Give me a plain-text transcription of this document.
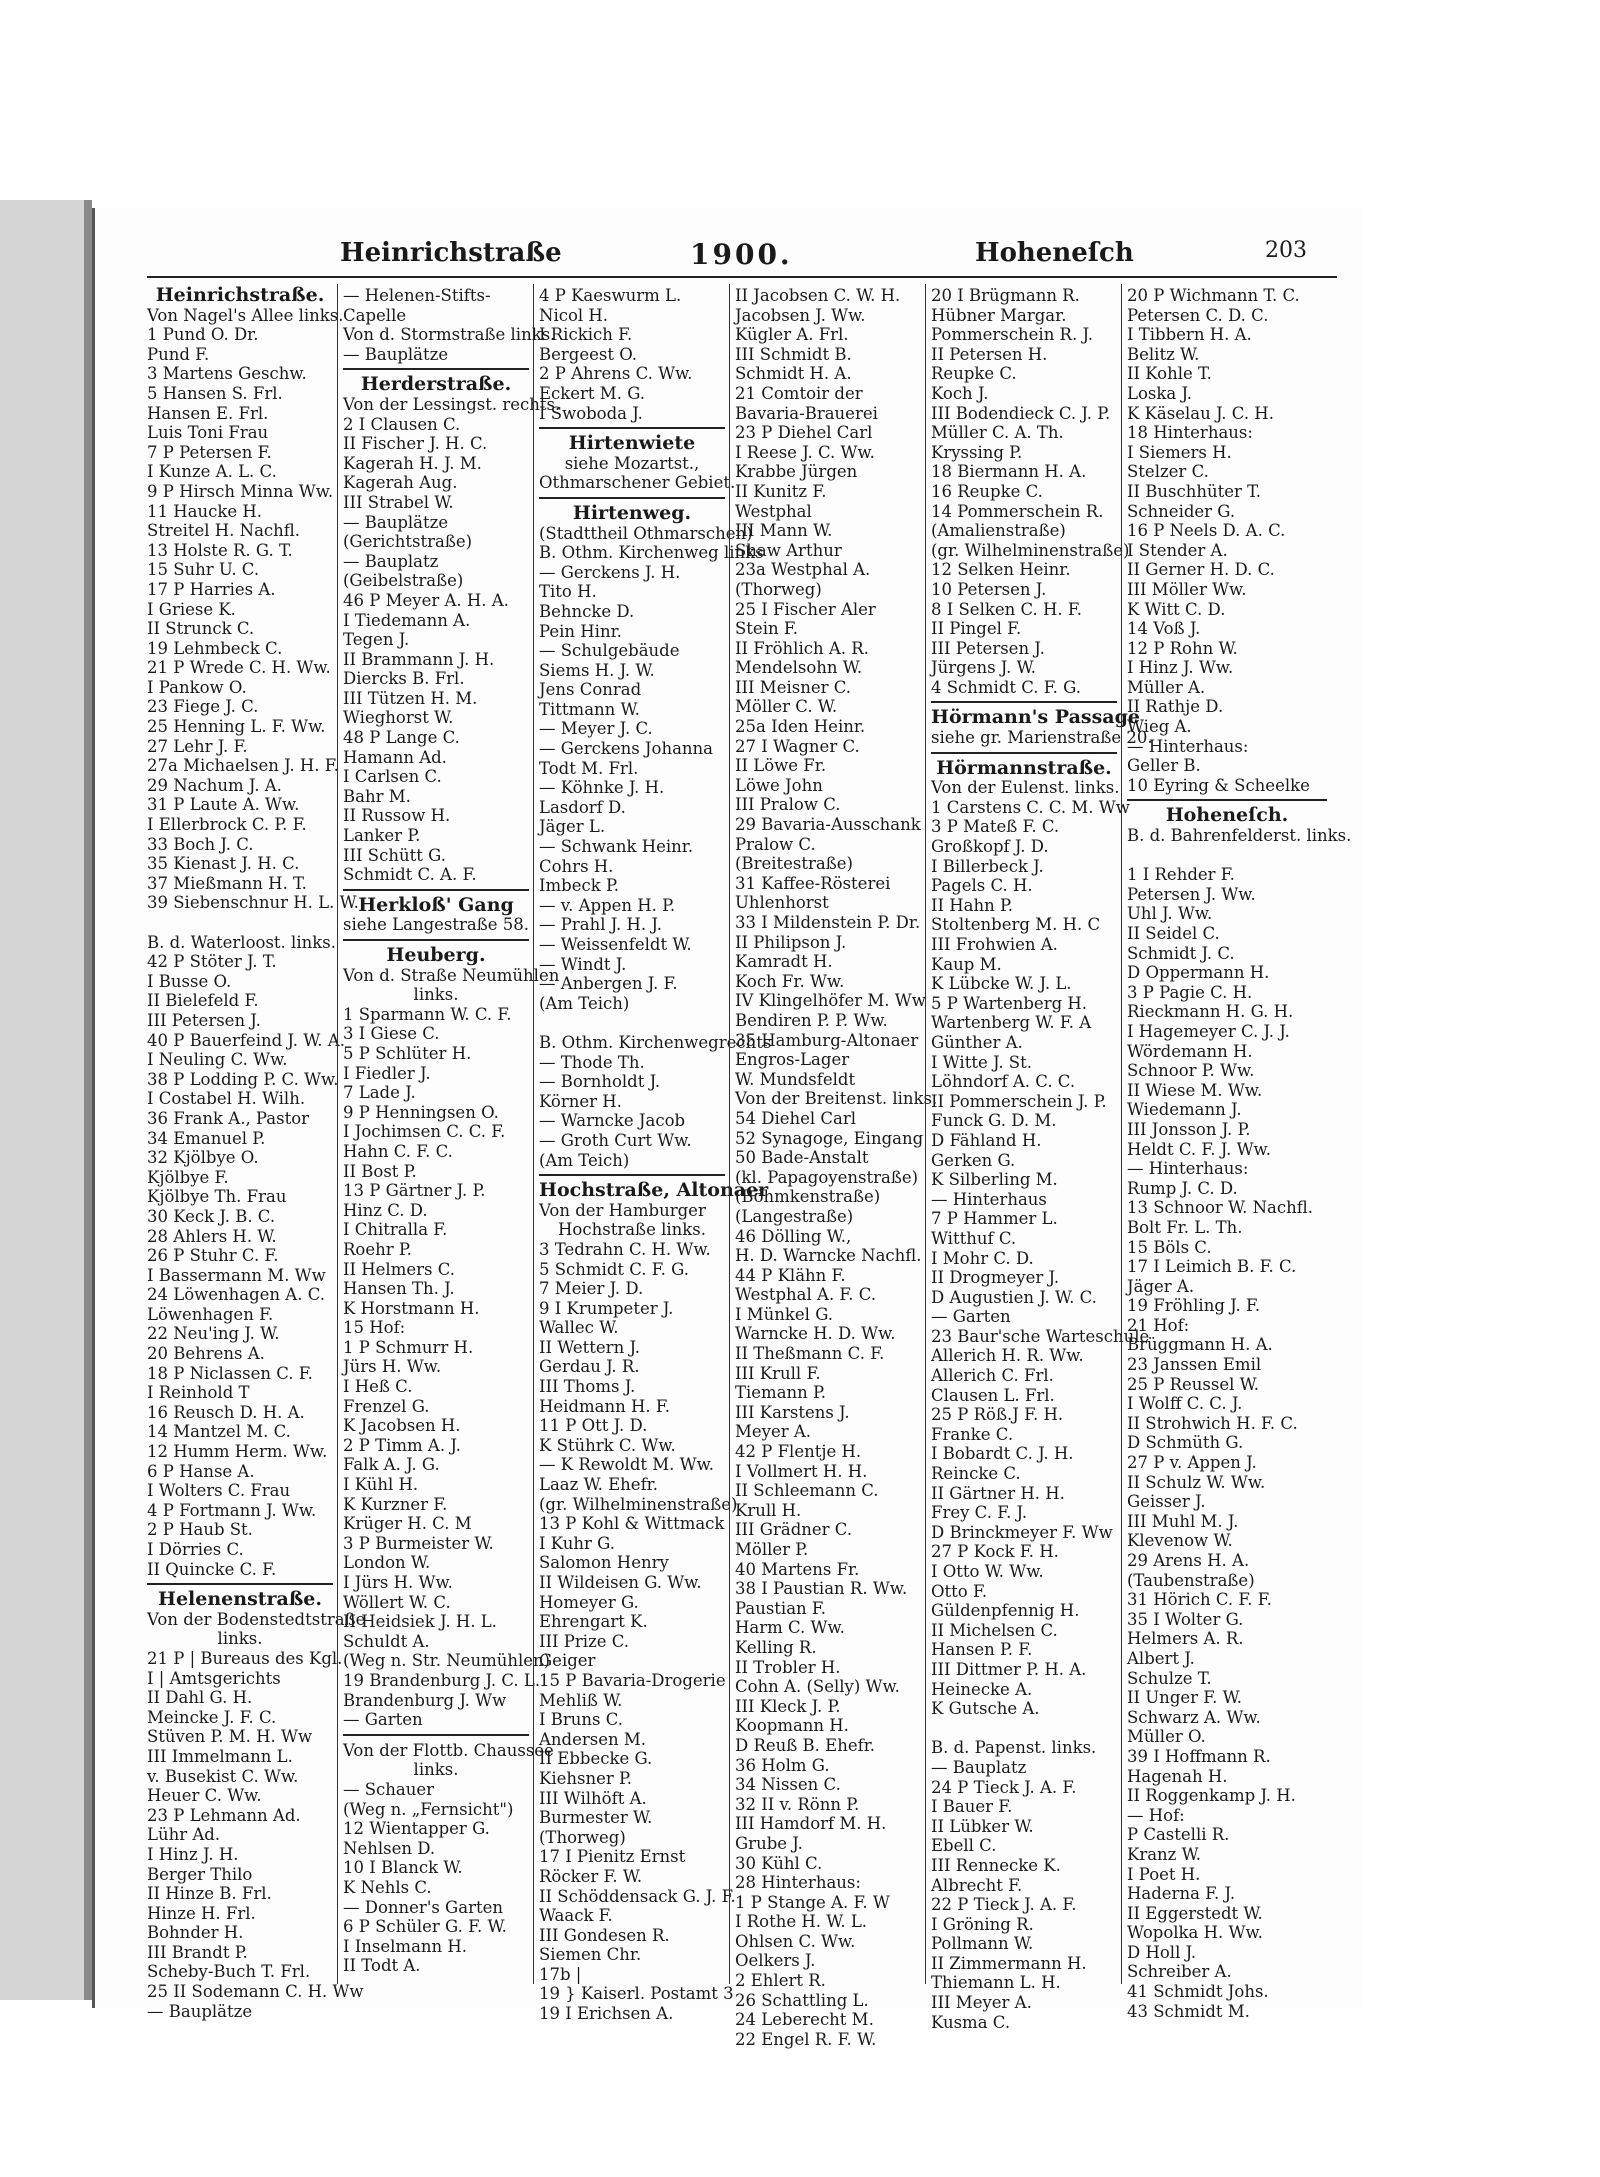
Heinrichstraße	1900.	Hoheneſch	203
Heinrichstraße.
Von Nagel's Allee links.
1 Pund O. Dr.
Pund F.
3 Martens Geschw.
5 Hansen S. Frl.
Hansen E. Frl.
Luis Toni Frau
7 P Petersen F.
I Kunze A. L. C.
9 P Hirsch Minna Ww.
11 Haucke H.
Streitel H. Nachfl.
13 Holste R. G. T.
15 Suhr U. C.
17 P Harries A.
I Griese K.
II Strunck C.
19 Lehmbeck C.
21 P Wrede C. H. Ww.
I Pankow O.
23 Fiege J. C.
25 Henning L. F. Ww.
27 Lehr J. F.
27a Michaelsen J. H. F.
29 Nachum J. A.
31 P Laute A. Ww.
I Ellerbrock C. P. F.
33 Boch J. C.
35 Kienast J. H. C.
37 Mießmann H. T.
39 Siebenschnur H. L. W.
B. d. Waterloost. links.
42 P Stöter J. T.
I Busse O.
II Bielefeld F.
III Petersen J.
40 P Bauerfeind J. W. A.
I Neuling C. Ww.
38 P Lodding P. C. Ww.
I Costabel H. Wilh.
36 Frank A., Pastor
34 Emanuel P.
32 Kjölbye O.
Kjölbye F.
Kjölbye Th. Frau
30 Keck J. B. C.
28 Ahlers H. W.
26 P Stuhr C. F.
I Bassermann M. Ww
24 Löwenhagen A. C.
Löwenhagen F.
22 Neu'ing J. W.
20 Behrens A.
18 P Niclassen C. F.
I Reinhold T
16 Reusch D. H. A.
14 Mantzel M. C.
12 Humm Herm. Ww.
6 P Hanse A.
I Wolters C. Frau
4 P Fortmann J. Ww.
2 P Haub St.
I Dörries C.
II Quincke C. F.
Helenenstraße.
Von der Bodenstedtstraße
links.
21 P | Bureaus des Kgl.
I | Amtsgerichts
II Dahl G. H.
Meincke J. F. C.
Stüven P. M. H. Ww
III Immelmann L.
v. Busekist C. Ww.
Heuer C. Ww.
23 P Lehmann Ad.
Lühr Ad.
I Hinz J. H.
Berger Thilo
II Hinze B. Frl.
Hinze H. Frl.
Bohnder H.
III Brandt P.
Scheby-Buch T. Frl.
25 II Sodemann C. H. Ww
— Bauplätze
— Helenen-Stifts-
Capelle
Von d. Stormstraße links.
— Bauplätze
Herderstraße.
Von der Lessingst. rechts.
2 I Clausen C.
II Fischer J. H. C.
Kagerah H. J. M.
Kagerah Aug.
III Strabel W.
— Bauplätze
(Gerichtstraße)
— Bauplatz
(Geibelstraße)
46 P Meyer A. H. A.
I Tiedemann A.
Tegen J.
II Brammann J. H.
Diercks B. Frl.
III Tützen H. M.
Wieghorst W.
48 P Lange C.
Hamann Ad.
I Carlsen C.
Bahr M.
II Russow H.
Lanker P.
III Schütt G.
Schmidt C. A. F.
Herkloß' Gang
siehe Langestraße 58.
Heuberg.
Von d. Straße Neumühlen
links.
1 Sparmann W. C. F.
3 I Giese C.
5 P Schlüter H.
I Fiedler J.
7 Lade J.
9 P Henningsen O.
I Jochimsen C. C. F.
Hahn C. F. C.
II Bost P.
13 P Gärtner J. P.
Hinz C. D.
I Chitralla F.
Roehr P.
II Helmers C.
Hansen Th. J.
K Horstmann H.
15 Hof:
1 P Schmurr H.
Jürs H. Ww.
I Heß C.
Frenzel G.
K Jacobsen H.
2 P Timm A. J.
Falk A. J. G.
I Kühl H.
K Kurzner F.
Krüger H. C. M
3 P Burmeister W.
London W.
I Jürs H. Ww.
Wöllert W. C.
II Heidsiek J. H. L.
Schuldt A.
(Weg n. Str. Neumühlen)
19 Brandenburg J. C. L.
Brandenburg J. Ww
— Garten
Von der Flottb. Chaussee
links.
— Schauer
(Weg n. „Fernsicht")
12 Wientapper G.
Nehlsen D.
10 I Blanck W.
K Nehls C.
— Donner's Garten
6 P Schüler G. F. W.
I Inselmann H.
II Todt A.
4 P Kaeswurm L.
Nicol H.
I Rickich F.
Bergeest O.
2 P Ahrens C. Ww.
Eckert M. G.
I Swoboda J.
Hirtenwiete
siehe Mozartst.,
Othmarschener Gebiet.
Hirtenweg.
(Stadttheil Othmarschen)
B. Othm. Kirchenweg links
— Gerckens J. H.
Tito H.
Behncke D.
Pein Hinr.
— Schulgebäude
Siems H. J. W.
Jens Conrad
Tittmann W.
— Meyer J. C.
— Gerckens Johanna
Todt M. Frl.
— Köhnke J. H.
Lasdorf D.
Jäger L.
— Schwank Heinr.
Cohrs H.
Imbeck P.
— v. Appen H. P.
— Prahl J. H. J.
— Weissenfeldt W.
— Windt J.
— Anbergen J. F.
(Am Teich)
B. Othm. Kirchenwegrechts
— Thode Th.
— Bornholdt J.
Körner H.
— Warncke Jacob
— Groth Curt Ww.
(Am Teich)
Hochstraße, Altonaer
Von der Hamburger
Hochstraße links.
3 Tedrahn C. H. Ww.
5 Schmidt C. F. G.
7 Meier J. D.
9 I Krumpeter J.
Wallec W.
II Wettern J.
Gerdau J. R.
III Thoms J.
Heidmann H. F.
11 P Ott J. D.
K Stührk C. Ww.
— K Rewoldt M. Ww.
Laaz W. Ehefr.
(gr. Wilhelminenstraße)
13 P Kohl & Wittmack
I Kuhr G.
Salomon Henry
II Wildeisen G. Ww.
Homeyer G.
Ehrengart K.
III Prize C.
Geiger
15 P Bavaria-Drogerie
Mehliß W.
I Bruns C.
Andersen M.
II Ebbecke G.
Kiehsner P.
III Wilhöft A.
Burmester W.
(Thorweg)
17 I Pienitz Ernst
Röcker F. W.
II Schöddensack G. J. F.
Waack F.
III Gondesen R.
Siemen Chr.
17b |
19 } Kaiserl. Postamt 3
19 I Erichsen A.
II Jacobsen C. W. H.
Jacobsen J. Ww.
Kügler A. Frl.
III Schmidt B.
Schmidt H. A.
21 Comtoir der
Bavaria-Brauerei
23 P Diehel Carl
I Reese J. C. Ww.
Krabbe Jürgen
II Kunitz F.
Westphal
III Mann W.
Shaw Arthur
23a Westphal A.
(Thorweg)
25 I Fischer Aler
Stein F.
II Fröhlich A. R.
Mendelsohn W.
III Meisner C.
Möller C. W.
25a Iden Heinr.
27 I Wagner C.
II Löwe Fr.
Löwe John
III Pralow C.
29 Bavaria-Ausschank
Pralow C.
(Breitestraße)
31 Kaffee-Rösterei
Uhlenhorst
33 I Mildenstein P. Dr.
II Philipson J.
Kamradt H.
Koch Fr. Ww.
IV Klingelhöfer M. Ww
Bendiren P. P. Ww.
35 Hamburg-Altonaer
Engros-Lager
W. Mundsfeldt
Von der Breitenst. links.
54 Diehel Carl
52 Synagoge, Eingang
50 Bade-Anstalt
(kl. Papagoyenstraße)
(Böhmkenstraße)
(Langestraße)
46 Dölling W.,
H. D. Warncke Nachfl.
44 P Klähn F.
Westphal A. F. C.
I Münkel G.
Warncke H. D. Ww.
II Theßmann C. F.
III Krull F.
Tiemann P.
III Karstens J.
Meyer A.
42 P Flentje H.
I Vollmert H. H.
II Schleemann C.
Krull H.
III Grädner C.
Möller P.
40 Martens Fr.
38 I Paustian R. Ww.
Paustian F.
Harm C. Ww.
Kelling R.
II Trobler H.
Cohn A. (Selly) Ww.
III Kleck J. P.
Koopmann H.
D Reuß B. Ehefr.
36 Holm G.
34 Nissen C.
32 II v. Rönn P.
III Hamdorf M. H.
Grube J.
30 Kühl C.
28 Hinterhaus:
1 P Stange A. F. W
I Rothe H. W. L.
Ohlsen C. Ww.
Oelkers J.
2 Ehlert R.
26 Schattling L.
24 Leberecht M.
22 Engel R. F. W.
20 I Brügmann R.
Hübner Margar.
Pommerschein R. J.
II Petersen H.
Reupke C.
Koch J.
III Bodendieck C. J. P.
Müller C. A. Th.
Kryssing P.
18 Biermann H. A.
16 Reupke C.
14 Pommerschein R.
(Amalienstraße)
(gr. Wilhelminenstraße)
12 Selken Heinr.
10 Petersen J.
8 I Selken C. H. F.
II Pingel F.
III Petersen J.
Jürgens J. W.
4 Schmidt C. F. G.
Hörmann's Passage
siehe gr. Marienstraße 20.
Hörmannstraße.
Von der Eulenst. links.
1 Carstens C. C. M. Ww
3 P Mateß F. C.
Großkopf J. D.
I Billerbeck J.
Pagels C. H.
II Hahn P.
Stoltenberg M. H. C
III Frohwien A.
Kaup M.
K Lübcke W. J. L.
5 P Wartenberg H.
Wartenberg W. F. A
Günther A.
I Witte J. St.
Löhndorf A. C. C.
II Pommerschein J. P.
Funck G. D. M.
D Fähland H.
Gerken G.
K Silberling M.
— Hinterhaus
7 P Hammer L.
Witthuf C.
I Mohr C. D.
II Drogmeyer J.
D Augustien J. W. C.
— Garten
23 Baur'sche Warteschule
Allerich H. R. Ww.
Allerich C. Frl.
Clausen L. Frl.
25 P Röß.J F. H.
Franke C.
I Bobardt C. J. H.
Reincke C.
II Gärtner H. H.
Frey C. F. J.
D Brinckmeyer F. Ww
27 P Kock F. H.
I Otto W. Ww.
Otto F.
Güldenpfennig H.
II Michelsen C.
Hansen P. F.
III Dittmer P. H. A.
Heinecke A.
K Gutsche A.
B. d. Papenst. links.
— Bauplatz
24 P Tieck J. A. F.
I Bauer F.
II Lübker W.
Ebell C.
III Rennecke K.
Albrecht F.
22 P Tieck J. A. F.
I Gröning R.
Pollmann W.
II Zimmermann H.
Thiemann L. H.
III Meyer A.
Kusma C.
20 P Wichmann T. C.
Petersen C. D. C.
I Tibbern H. A.
Belitz W.
II Kohle T.
Loska J.
K Käselau J. C. H.
18 Hinterhaus:
I Siemers H.
Stelzer C.
II Buschhüter T.
Schneider G.
16 P Neels D. A. C.
I Stender A.
II Gerner H. D. C.
III Möller Ww.
K Witt C. D.
14 Voß J.
12 P Rohn W.
I Hinz J. Ww.
Müller A.
II Rathje D.
Wieg A.
— Hinterhaus:
Geller B.
10 Eyring & Scheelke
Hoheneſch.
B. d. Bahrenfelderst. links.
1 I Rehder F.
Petersen J. Ww.
Uhl J. Ww.
II Seidel C.
Schmidt J. C.
D Oppermann H.
3 P Pagie C. H.
Rieckmann H. G. H.
I Hagemeyer C. J. J.
Wördemann H.
Schnoor P. Ww.
II Wiese M. Ww.
Wiedemann J.
III Jonsson J. P.
Heldt C. F. J. Ww.
— Hinterhaus:
Rump J. C. D.
13 Schnoor W. Nachfl.
Bolt Fr. L. Th.
15 Böls C.
17 I Leimich B. F. C.
Jäger A.
19 Fröhling J. F.
21 Hof:
Brüggmann H. A.
23 Janssen Emil
25 P Reussel W.
I Wolff C. C. J.
II Strohwich H. F. C.
D Schmüth G.
27 P v. Appen J.
II Schulz W. Ww.
Geisser J.
III Muhl M. J.
Klevenow W.
29 Arens H. A.
(Taubenstraße)
31 Hörich C. F. F.
35 I Wolter G.
Helmers A. R.
Albert J.
Schulze T.
II Unger F. W.
Schwarz A. Ww.
Müller O.
39 I Hoffmann R.
Hagenah H.
II Roggenkamp J. H.
— Hof:
P Castelli R.
Kranz W.
I Poet H.
Haderna F. J.
II Eggerstedt W.
Wopolka H. Ww.
D Holl J.
Schreiber A.
41 Schmidt Johs.
43 Schmidt M.
